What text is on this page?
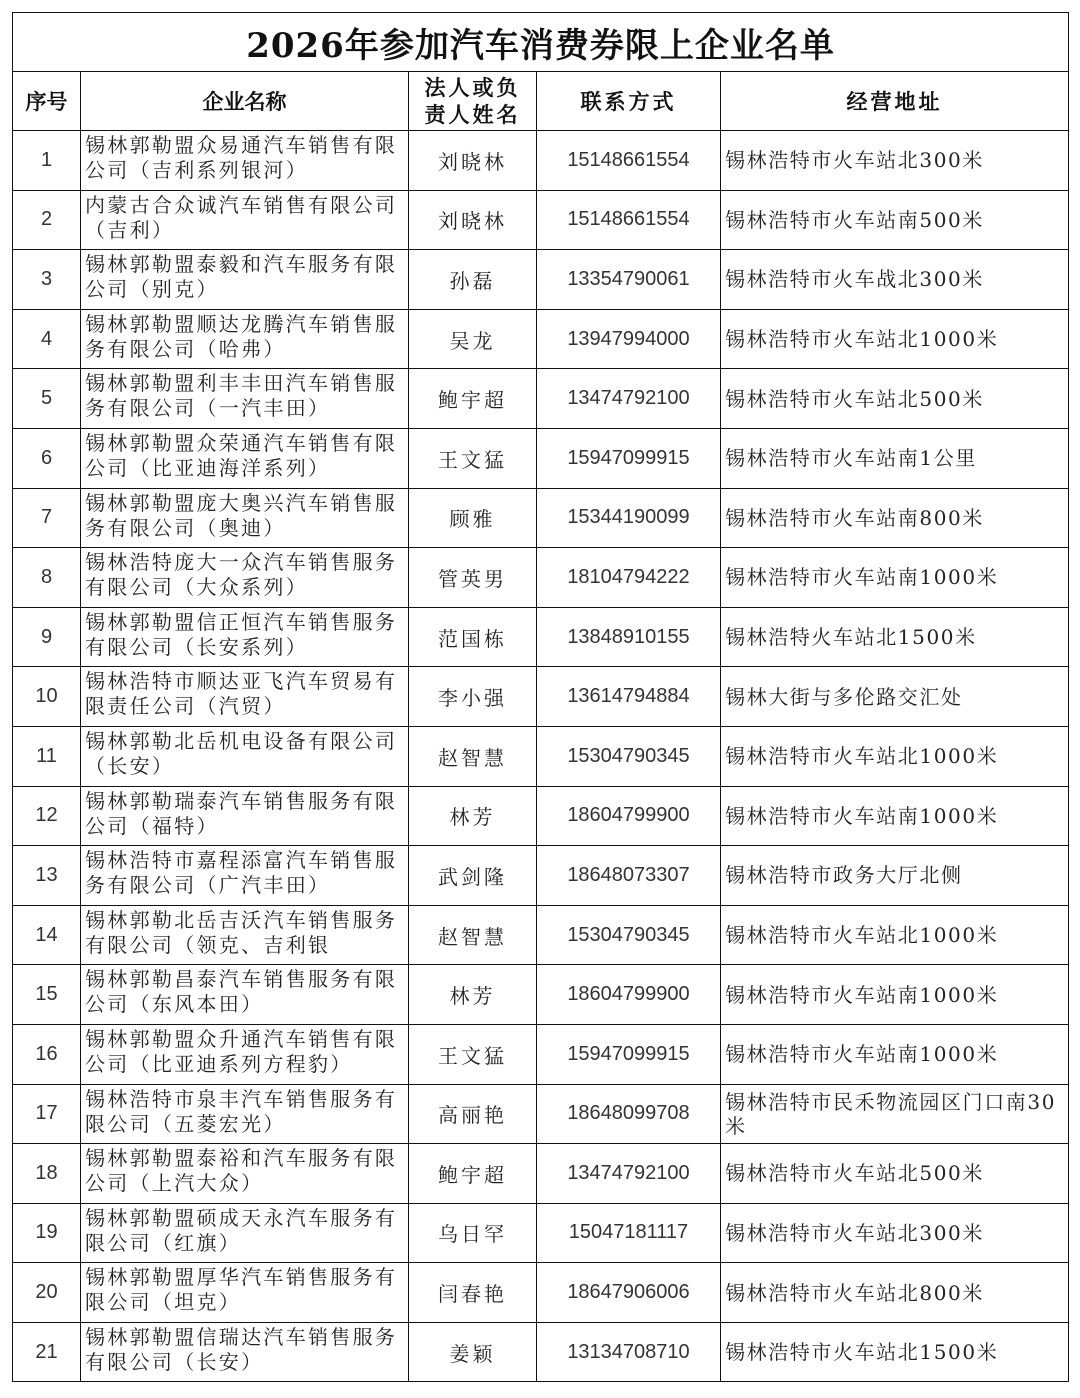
2026年参加汽车消费券限上企业名单				
序号	企业名称	法人或负责人姓名	联系方式	经营地址
1	锡林郭勒盟众易通汽车销售有限公司（吉利系列银河）	刘晓林	15148661554	锡林浩特市火车站北300米
2	内蒙古合众诚汽车销售有限公司（吉利）	刘晓林	15148661554	锡林浩特市火车站南500米
3	锡林郭勒盟泰毅和汽车服务有限公司（别克）	孙磊	13354790061	锡林浩特市火车战北300米
4	锡林郭勒盟顺达龙腾汽车销售服务有限公司（哈弗）	吴龙	13947994000	锡林浩特市火车站北1000米
5	锡林郭勒盟利丰丰田汽车销售服务有限公司（一汽丰田）	鲍宇超	13474792100	锡林浩特市火车站北500米
6	锡林郭勒盟众荣通汽车销售有限公司（比亚迪海洋系列）	王文猛	15947099915	锡林浩特市火车站南1公里
7	锡林郭勒盟庞大奥兴汽车销售服务有限公司（奥迪）	顾雅	15344190099	锡林浩特市火车站南800米
8	锡林浩特庞大一众汽车销售服务有限公司（大众系列）	管英男	18104794222	锡林浩特市火车站南1000米
9	锡林郭勒盟信正恒汽车销售服务有限公司（长安系列）	范国栋	13848910155	锡林浩特火车站北1500米
10	锡林浩特市顺达亚飞汽车贸易有限责任公司（汽贸）	李小强	13614794884	锡林大街与多伦路交汇处
11	锡林郭勒北岳机电设备有限公司（长安）	赵智慧	15304790345	锡林浩特市火车站北1000米
12	锡林郭勒瑞泰汽车销售服务有限公司（福特）	林芳	18604799900	锡林浩特市火车站南1000米
13	锡林浩特市嘉程添富汽车销售服务有限公司（广汽丰田）	武剑隆	18648073307	锡林浩特市政务大厅北侧
14	锡林郭勒北岳吉沃汽车销售服务有限公司（领克、吉利银	赵智慧	15304790345	锡林浩特市火车站北1000米
15	锡林郭勒昌泰汽车销售服务有限公司（东风本田）	林芳	18604799900	锡林浩特市火车站南1000米
16	锡林郭勒盟众升通汽车销售有限公司（比亚迪系列方程豹）	王文猛	15947099915	锡林浩特市火车站南1000米
17	锡林浩特市泉丰汽车销售服务有限公司（五菱宏光）	高丽艳	18648099708	锡林浩特市民禾物流园区门口南30米
18	锡林郭勒盟泰裕和汽车服务有限公司（上汽大众）	鲍宇超	13474792100	锡林浩特市火车站北500米
19	锡林郭勒盟硕成天永汽车服务有限公司（红旗）	乌日罕	15047181117	锡林浩特市火车站北300米
20	锡林郭勒盟厚华汽车销售服务有限公司（坦克）	闫春艳	18647906006	锡林浩特市火车站北800米
21	锡林郭勒盟信瑞达汽车销售服务有限公司（长安）	姜颖	13134708710	锡林浩特市火车站北1500米
